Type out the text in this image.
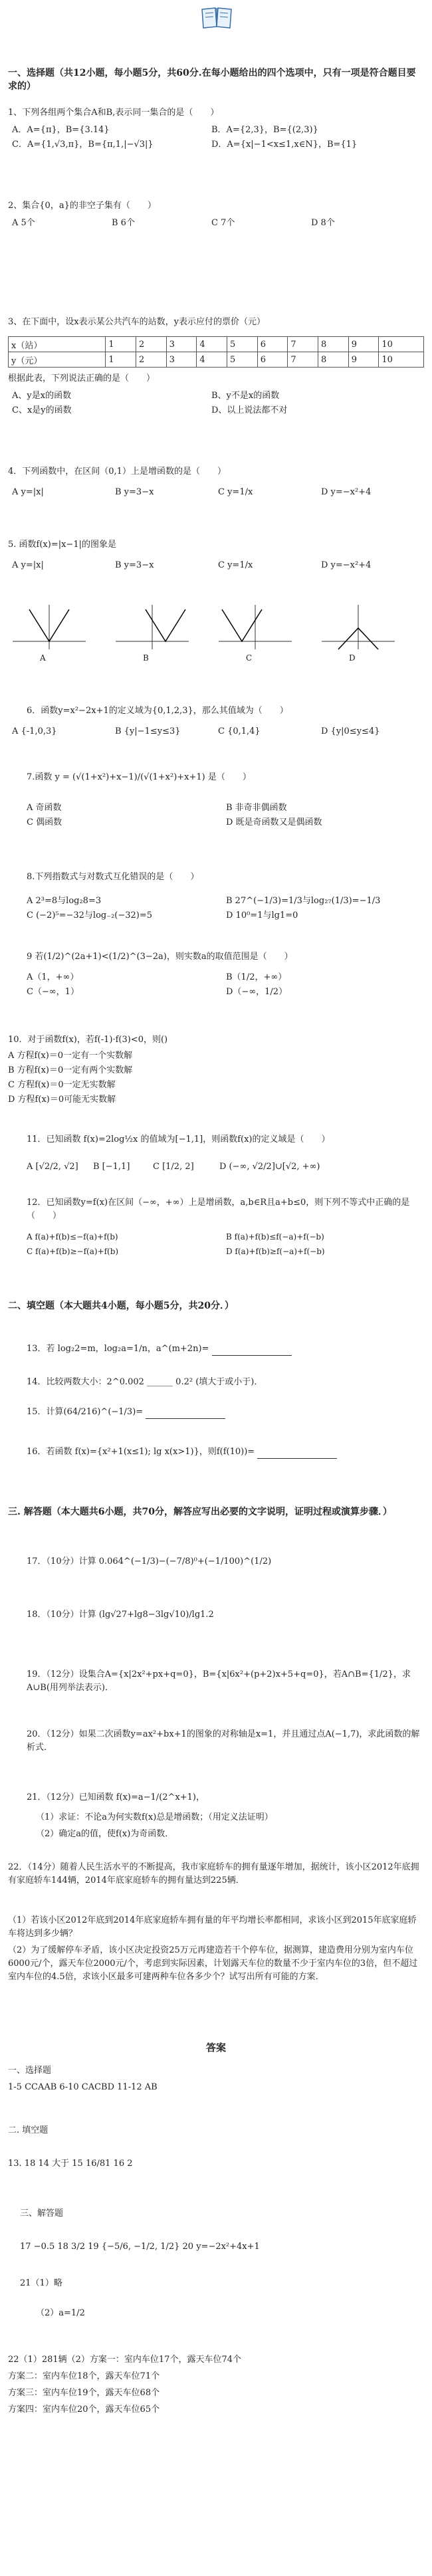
一、选择题（共12小题，每小题5分，共60分.在每小题给出的四个选项中，只有一项是符合题目要求的）
1、下列各组两个集合A和B,表示同一集合的是（　　）
A．A={π}，B={3.14}	B．A={2,3}，B={(2,3)}
C．A={1,√3,π}，B={π,1,|−√3|}	D．A={x|−1<x≤1,x∈N}，B={1}
2、集合{0，a}的非空子集有（　　）
A 5个	B 6个	C 7个	D 8个
3、在下面中，设x表示某公共汽车的站数，y表示应付的票价（元）
x（站）	1	2	3	4	5	6	7	8	9	10
y（元）	1	2	3	4	5	6	7	8	9	10
根据此表，下列说法正确的是（　　）
A、y是x的函数	B、y不是x的函数
C、x是y的函数	D、以上说法都不对
4．下列函数中，在区间（0,1）上是增函数的是（　　）
A y=|x|	B y=3−x	C y=1/x	D y=−x²+4
5. 函数f(x)=|x−1|的图象是
A y=|x|	B y=3−x	C y=1/x	D y=−x²+4
A	B	C	D
6．函数y=x²−2x+1的定义域为{0,1,2,3}，那么其值域为（　　）
A {-1,0,3}	B {y|−1≤y≤3}	C {0,1,4}	D {y|0≤y≤4}
7.函数 y = (√(1+x²)+x−1)/(√(1+x²)+x+1) 是（　　）
A 奇函数	B 非奇非偶函数
C 偶函数	D 既是奇函数又是偶函数
8.下列指数式与对数式互化错误的是（　　）
A 2³=8与log₂8=3	B 27^(−1/3)=1/3与log₂₇(1/3)=−1/3
C (−2)⁵=−32与log₋₂(−32)=5	D 10⁰=1与lg1=0
9 若(1/2)^(2a+1)<(1/2)^(3−2a)，则实数a的取值范围是（　　）
A（1，+∞）	B（1/2，+∞）
C（−∞，1）	D（−∞，1/2）
10．对于函数f(x)，若f(-1)·f(3)<0，则()
A 方程f(x)＝0一定有一个实数解
B 方程f(x)＝0一定有两个实数解
C 方程f(x)＝0一定无实数解
D 方程f(x)＝0可能无实数解
11．已知函数 f(x)=2log½x 的值域为[−1,1]，则函数f(x)的定义域是（　　）
A [√2/2, √2]	B [−1,1]	C [1/2, 2]	D (−∞, √2/2]∪[√2, +∞)
12．已知函数y=f(x)在区间（−∞，+∞）上是增函数，a,b∈R且a+b≤0，则下列不等式中正确的是（　　）
A f(a)+f(b)≤−f(a)+f(b)	B f(a)+f(b)≤f(−a)+f(−b)
C f(a)+f(b)≥−f(a)+f(b)	D f(a)+f(b)≥f(−a)+f(−b)
二、填空题（本大题共4小题，每小题5分，共20分．）
13．若 log₂2=m，log₂a=1/n，a^(m+2n)=
14．比较两数大小：2^0.002 ______ 0.2² (填大于或小于)．
15．计算(64/216)^(−1/3)=
16．若函数 f(x)={x²+1(x≤1); lg x(x>1)}，则f(f(10))=
三. 解答题（本大题共6小题，共70分，解答应写出必要的文字说明，证明过程或演算步骤．）
17．（10分）计算 0.064^(−1/3)−(−7/8)⁰+(−1/100)^(1/2)
18．（10分）计算 (lg√27+lg8−3lg√10)/lg1.2
19．（12分）设集合A={x|2x²+px+q=0}，B={x|6x²+(p+2)x+5+q=0}，若A∩B={1/2}，求A∪B(用列举法表示)．
20．（12分）如果二次函数y=ax²+bx+1的图象的对称轴是x=1，并且通过点A(−1,7)，求此函数的解析式．
21．（12分）已知函数 f(x)=a−1/(2^x+1)，
（1）求证：不论a为何实数f(x)总是增函数；（用定义法证明）
（2）确定a的值，使f(x)为奇函数．
22．（14分）随着人民生活水平的不断提高，我市家庭轿车的拥有量逐年增加，据统计，该小区2012年底拥有家庭轿车144辆，2014年底家庭轿车的拥有量达到225辆．
（1）若该小区2012年底到2014年底家庭轿车拥有量的年平均增长率都相同，求该小区到2015年底家庭轿车将达到多少辆？
（2）为了缓解停车矛盾，该小区决定投资25万元再建造若干个停车位，据测算，建造费用分别为室内车位6000元/个，露天车位2000元/个，考虑到实际因素，计划露天车位的数量不少于室内车位的3倍，但不超过室内车位的4.5倍，求该小区最多可建两种车位各多少个？试写出所有可能的方案．
答案
一、选择题
1-5 CCAAB 6-10 CACBD 11-12 AB
二. 填空题
13. 18 14 大于 15 16/81 16 2
三、解答题
17 −0.5 18 3/2 19 {−5/6, −1/2, 1/2} 20 y=−2x²+4x+1
21（1）略
（2）a=1/2
22（1）281辆（2）方案一：室内车位17个，露天车位74个
方案二：室内车位18个，露天车位71个
方案三：室内车位19个，露天车位68个
方案四：室内车位20个，露天车位65个
